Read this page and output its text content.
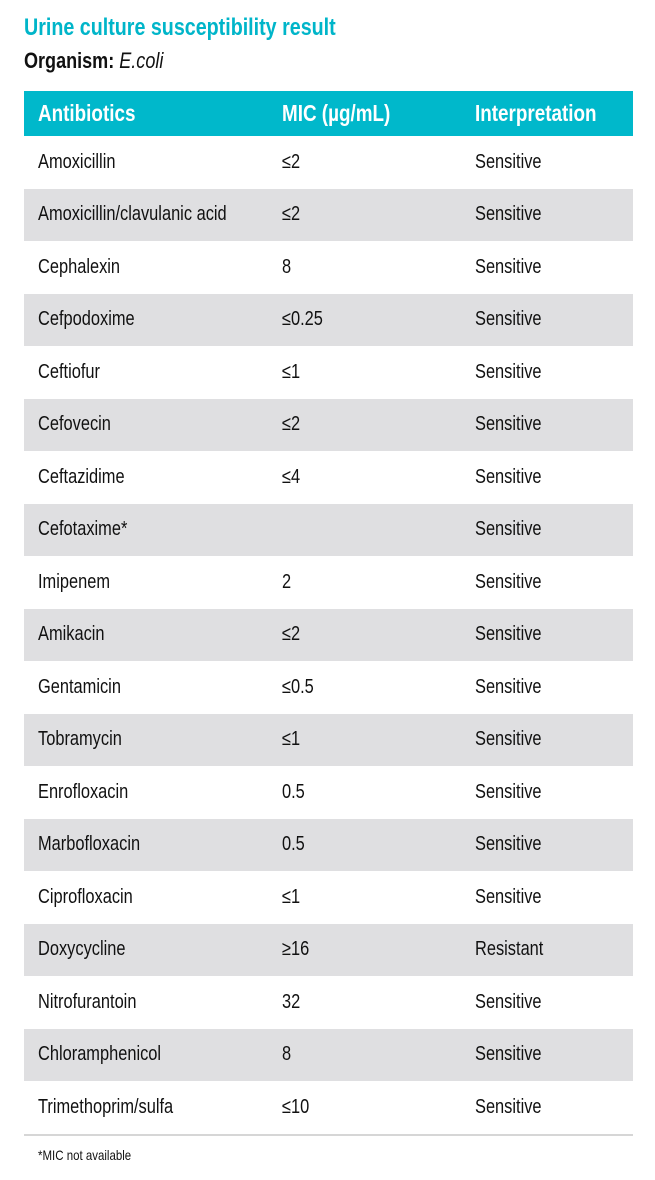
Urine culture susceptibility result
Organism: E.coli
Antibiotics	MIC (µg/mL)	Interpretation
Amoxicillin	≤2	Sensitive
Amoxicillin/clavulanic acid	≤2	Sensitive
Cephalexin	8	Sensitive
Cefpodoxime	≤0.25	Sensitive
Ceftiofur	≤1	Sensitive
Cefovecin	≤2	Sensitive
Ceftazidime	≤4	Sensitive
Cefotaxime*		Sensitive
Imipenem	2	Sensitive
Amikacin	≤2	Sensitive
Gentamicin	≤0.5	Sensitive
Tobramycin	≤1	Sensitive
Enrofloxacin	0.5	Sensitive
Marbofloxacin	0.5	Sensitive
Ciprofloxacin	≤1	Sensitive
Doxycycline	≥16	Resistant
Nitrofurantoin	32	Sensitive
Chloramphenicol	8	Sensitive
Trimethoprim/sulfa	≤10	Sensitive
*MIC not available
